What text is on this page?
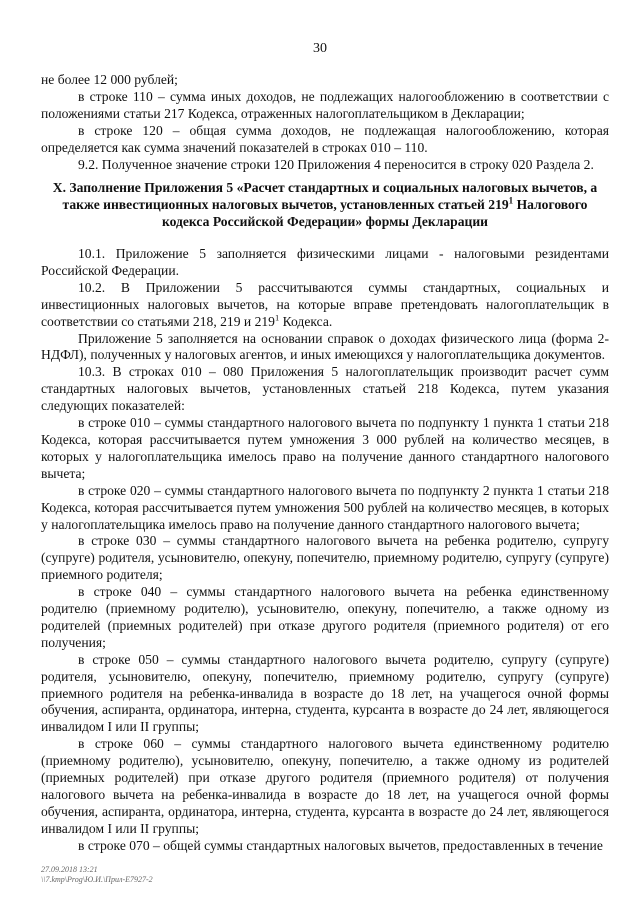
30

не более 12 000 рублей;

в строке 110 – сумма иных доходов, не подлежащих налогообложению в соответствии с положениями статьи 217 Кодекса, отраженных налогоплательщиком в Декларации;

в строке 120 – общая сумма доходов, не подлежащая налогообложению, которая определяется как сумма значений показателей в строках 010 – 110.

9.2. Полученное значение строки 120 Приложения 4 переносится в строку 020 Раздела 2.

X. Заполнение Приложения 5 «Расчет стандартных и социальных налоговых вычетов, а также инвестиционных налоговых вычетов, установленных статьей $219^1$ Налогового кодекса Российской Федерации» формы Декларации

10.1. Приложение 5 заполняется физическими лицами - налоговыми резидентами Российской Федерации.

10.2. В Приложении 5 рассчитываются суммы стандартных, социальных и инвестиционных налоговых вычетов, на которые вправе претендовать налогоплательщик в соответствии со статьями 218, 219 и $219^1$ Кодекса.

Приложение 5 заполняется на основании справок о доходах физического лица (форма 2-НДФЛ), полученных у налоговых агентов, и иных имеющихся у налогоплательщика документов.

10.3. В строках 010 – 080 Приложения 5 налогоплательщик производит расчет сумм стандартных налоговых вычетов, установленных статьей 218 Кодекса, путем указания следующих показателей:

в строке 010 – суммы стандартного налогового вычета по подпункту 1 пункта 1 статьи 218 Кодекса, которая рассчитывается путем умножения 3 000 рублей на количество месяцев, в которых у налогоплательщика имелось право на получение данного стандартного налогового вычета;

в строке 020 – суммы стандартного налогового вычета по подпункту 2 пункта 1 статьи 218 Кодекса, которая рассчитывается путем умножения 500 рублей на количество месяцев, в которых у налогоплательщика имелось право на получение данного стандартного налогового вычета;

в строке 030 – суммы стандартного налогового вычета на ребенка родителю, супругу (супруге) родителя, усыновителю, опекуну, попечителю, приемному родителю, супругу (супруге) приемного родителя;

в строке 040 – суммы стандартного налогового вычета на ребенка единственному родителю (приемному родителю), усыновителю, опекуну, попечителю, а также одному из родителей (приемных родителей) при отказе другого родителя (приемного родителя) от его получения;

в строке 050 – суммы стандартного налогового вычета родителю, супругу (супруге) родителя, усыновителю, опекуну, попечителю, приемному родителю, супругу (супруге) приемного родителя на ребенка-инвалида в возрасте до 18 лет, на учащегося очной формы обучения, аспиранта, ординатора, интерна, студента, курсанта в возрасте до 24 лет, являющегося инвалидом I или II группы;

в строке 060 – суммы стандартного налогового вычета единственному родителю (приемному родителю), усыновителю, опекуну, попечителю, а также одному из родителей (приемных родителей) при отказе другого родителя (приемного родителя) от получения налогового вычета на ребенка-инвалида в возрасте до 18 лет, на учащегося очной формы обучения, аспиранта, ординатора, интерна, студента, курсанта в возрасте до 24 лет, являющегося инвалидом I или II группы;

в строке 070 – общей суммы стандартных налоговых вычетов, предоставленных в течение

27.09.2018 13:21
\\7.kmp\Prog\Ю.И.\Прил-Е7927-2
